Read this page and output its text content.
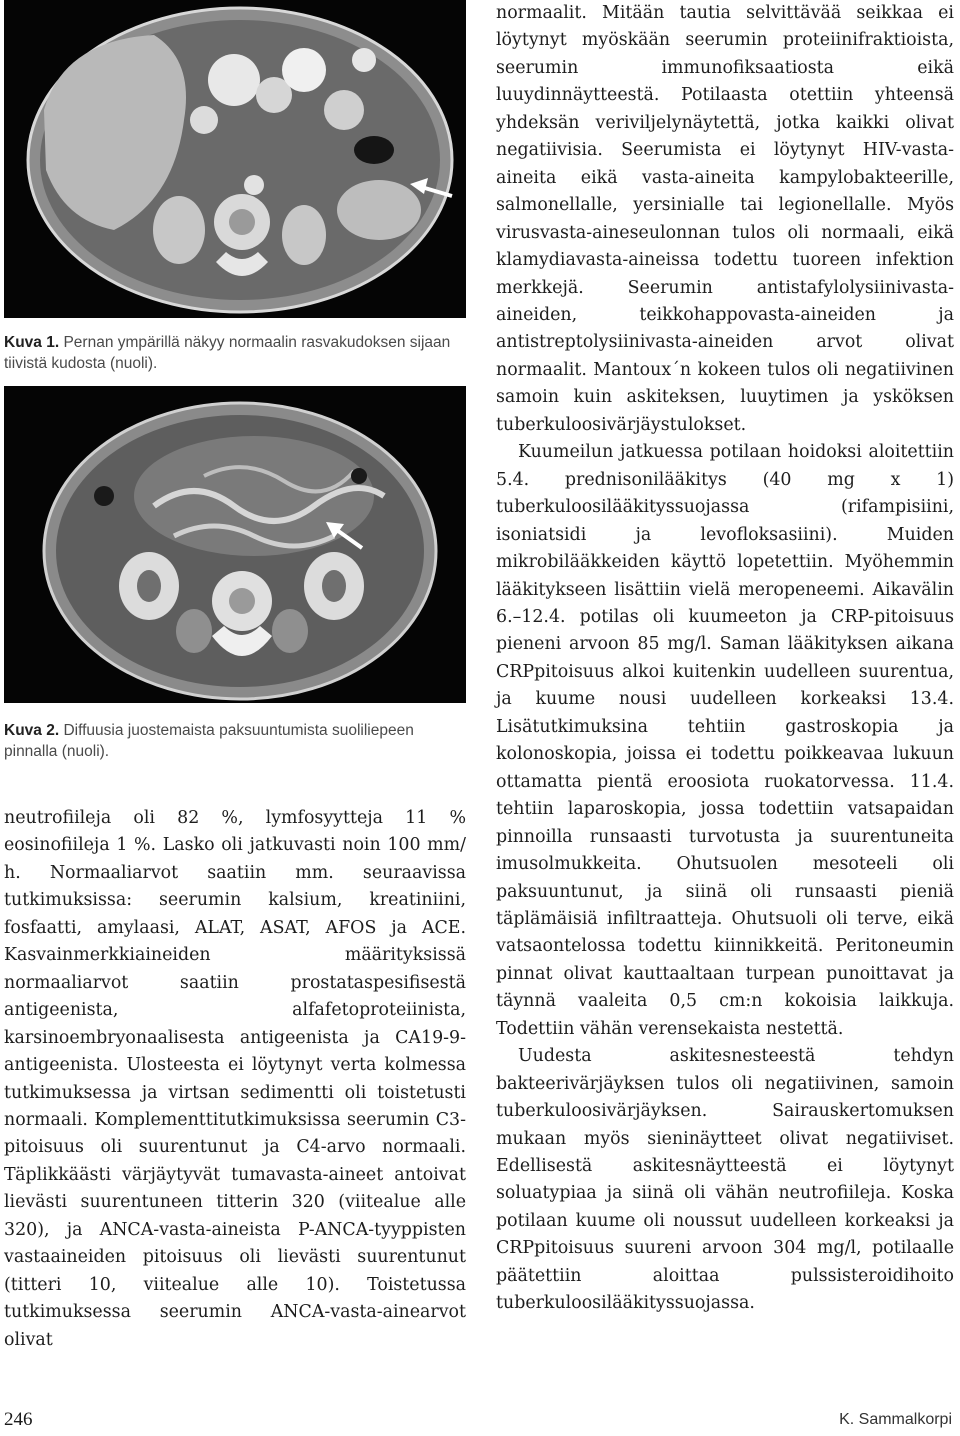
Kuva 1. Pernan ympärillä näkyy normaalin rasvakudoksen sijaan tiivistä kudosta (nuoli).
Kuva 2. Diffuusia juostemaista paksuuntumista suoliliepeen pinnalla (nuoli).

neutrofiileja oli 82 %, lymfosyytteja 11 % eosinofiileja 1 %. Lasko oli jatkuvasti noin 100 mm/ h. Normaaliarvot saatiin mm. seuraavissa tutkimuksissa: seerumin kalsium, kreatiniini, fosfaatti, amylaasi, ALAT, ASAT, AFOS ja ACE. Kasvainmerkkiaineiden määrityksissä normaaliarvot saatiin prostataspesifisestä antigeenista, alfafetoproteiinista, karsinoembryonaalisesta antigeenista ja CA19-9-antigeenista. Ulosteesta ei löytynyt verta kolmessa tutkimuksessa ja virtsan sedimentti oli toistetusti normaali. Komplementtitutkimuksissa seerumin C3-pitoisuus oli suurentunut ja C4-arvo normaali. Täplikkäästi värjäytyvät tumavasta-aineet antoivat lievästi suurentuneen titterin 320 (viitealue alle 320), ja ANCA-vasta-aineista P-ANCA-tyyppisten vastaaineiden pitoisuus oli lievästi suurentunut (titteri 10, viitealue alle 10). Toistetussa tutkimuksessa seerumin ANCA-vasta-ainearvot olivat

normaalit. Mitään tautia selvittävää seikkaa ei löytynyt myöskään seerumin proteiinifraktioista, seerumin immunofiksaatiosta eikä luuydinnäytteestä. Potilaasta otettiin yhteensä yhdeksän veriviljelynäytettä, jotka kaikki olivat negatiivisia. Seerumista ei löytynyt HIV-vasta-aineita eikä vasta-aineita kampylobakteerille, salmonellalle, yersinialle tai legionellalle. Myös virusvasta-aineseulonnan tulos oli normaali, eikä klamydiavasta-aineissa todettu tuoreen infektion merkkejä. Seerumin antistafylolysiinivasta-aineiden, teikkohappovasta-aineiden ja antistreptolysiinivasta-aineiden arvot olivat normaalit. Mantoux´n kokeen tulos oli negatiivinen samoin kuin askiteksen, luuytimen ja ysköksen tuberkuloosivärjäystulokset.

Kuumeilun jatkuessa potilaan hoidoksi aloitettiin 5.4. prednisonilääkitys (40 mg x 1) tuberkuloosilääkityssuojassa (rifampisiini, isoniatsidi ja levofloksasiini). Muiden mikrobilääkkeiden käyttö lopetettiin. Myöhemmin lääkitykseen lisättiin vielä meropeneemi. Aikavälin 6.–12.4. potilas oli kuumeeton ja CRP-pitoisuus pieneni arvoon 85 mg/l. Saman lääkityksen aikana CRPpitoisuus alkoi kuitenkin uudelleen suurentua, ja kuume nousi uudelleen korkeaksi 13.4. Lisätutkimuksina tehtiin gastroskopia ja kolonoskopia, joissa ei todettu poikkeavaa lukuun ottamatta pientä eroosiota ruokatorvessa. 11.4. tehtiin laparoskopia, jossa todettiin vatsapaidan pinnoilla runsaasti turvotusta ja suurentuneita imusolmukkeita. Ohutsuolen mesoteeli oli paksuuntunut, ja siinä oli runsaasti pieniä täplämäisiä infiltraatteja. Ohutsuoli oli terve, eikä vatsaontelossa todettu kiinnikkeitä. Peritoneumin pinnat olivat kauttaaltaan turpean punoittavat ja täynnä vaaleita 0,5 cm:n kokoisia laikkuja. Todettiin vähän verensekaista nestettä.

Uudesta askitesnesteestä tehdyn bakteerivärjäyksen tulos oli negatiivinen, samoin tuberkuloosivärjäyksen. Sairauskertomuksen mukaan myös sieninäytteet olivat negatiiviset. Edellisestä askitesnäytteestä ei löytynyt soluatypiaa ja siinä oli vähän neutrofiileja. Koska potilaan kuume oli noussut uudelleen korkeaksi ja CRPpitoisuus suureni arvoon 304 mg/l, potilaalle päätettiin aloittaa pulssisteroidihoito tuberkuloosilääkityssuojassa.

246	K. Sammalkorpi
